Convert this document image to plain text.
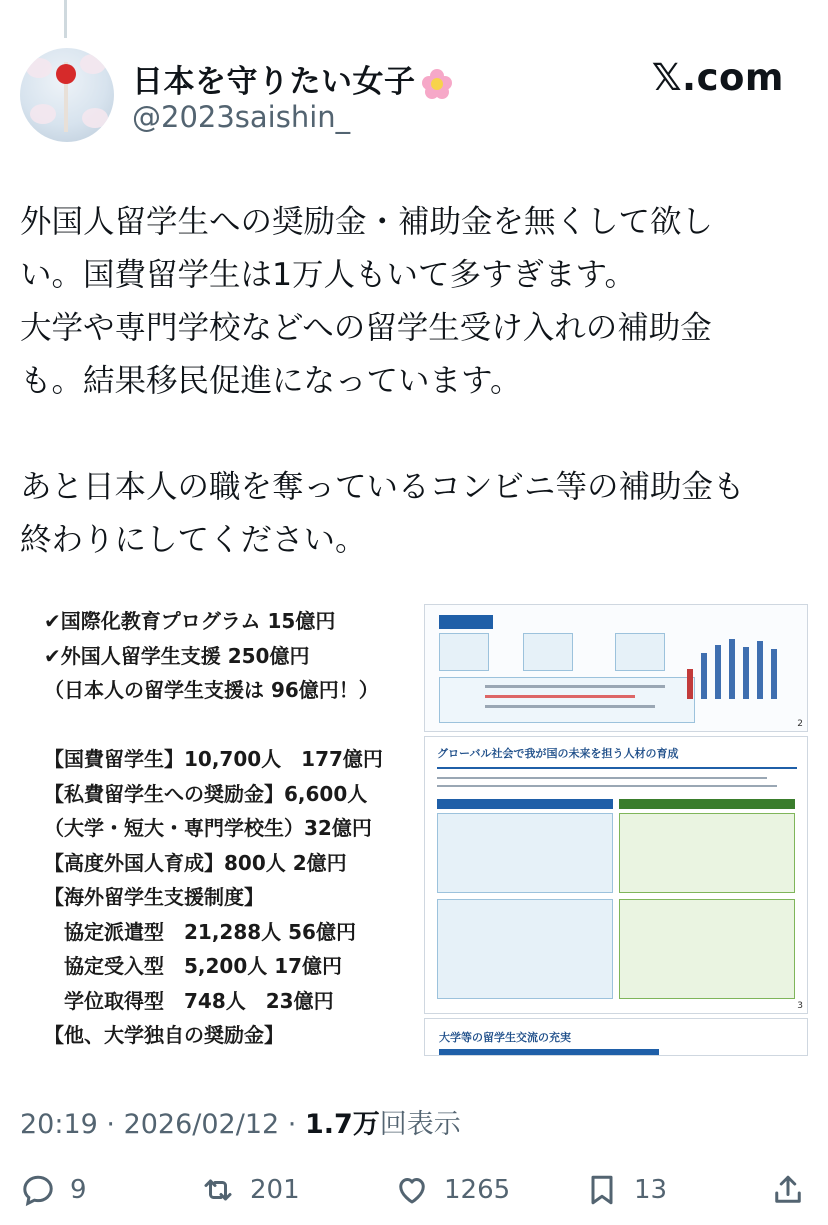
日本を守りたい女子
@2023saishin_
𝕏.com

外国人留学生への奨励金・補助金を無くして欲し

い。国費留学生は1万人もいて多すぎます。

大学や専門学校などへの留学生受け入れの補助金

も。結果移民促進になっています。

あと日本人の職を奪っているコンビニ等の補助金も

終わりにしてください。

✔国際化教育プログラム 15億円

✔外国人留学生支援 250億円

（日本人の留学生支援は 96億円！）

【国費留学生】10,700人　177億円

【私費留学生への奨励金】6,600人

（大学・短大・専門学校生）32億円

【高度外国人育成】800人 2億円

【海外留学生支援制度】

　協定派遣型　21,288人 56億円

　協定受入型　5,200人 17億円

　学位取得型　748人　23億円

【他、大学独自の奨励金】

2
グローバル社会で我が国の未来を担う人材の育成
3
大学等の留学生交流の充実
20:19 · 2026/02/12 · 1.7万回表示
9	201	1265	13
